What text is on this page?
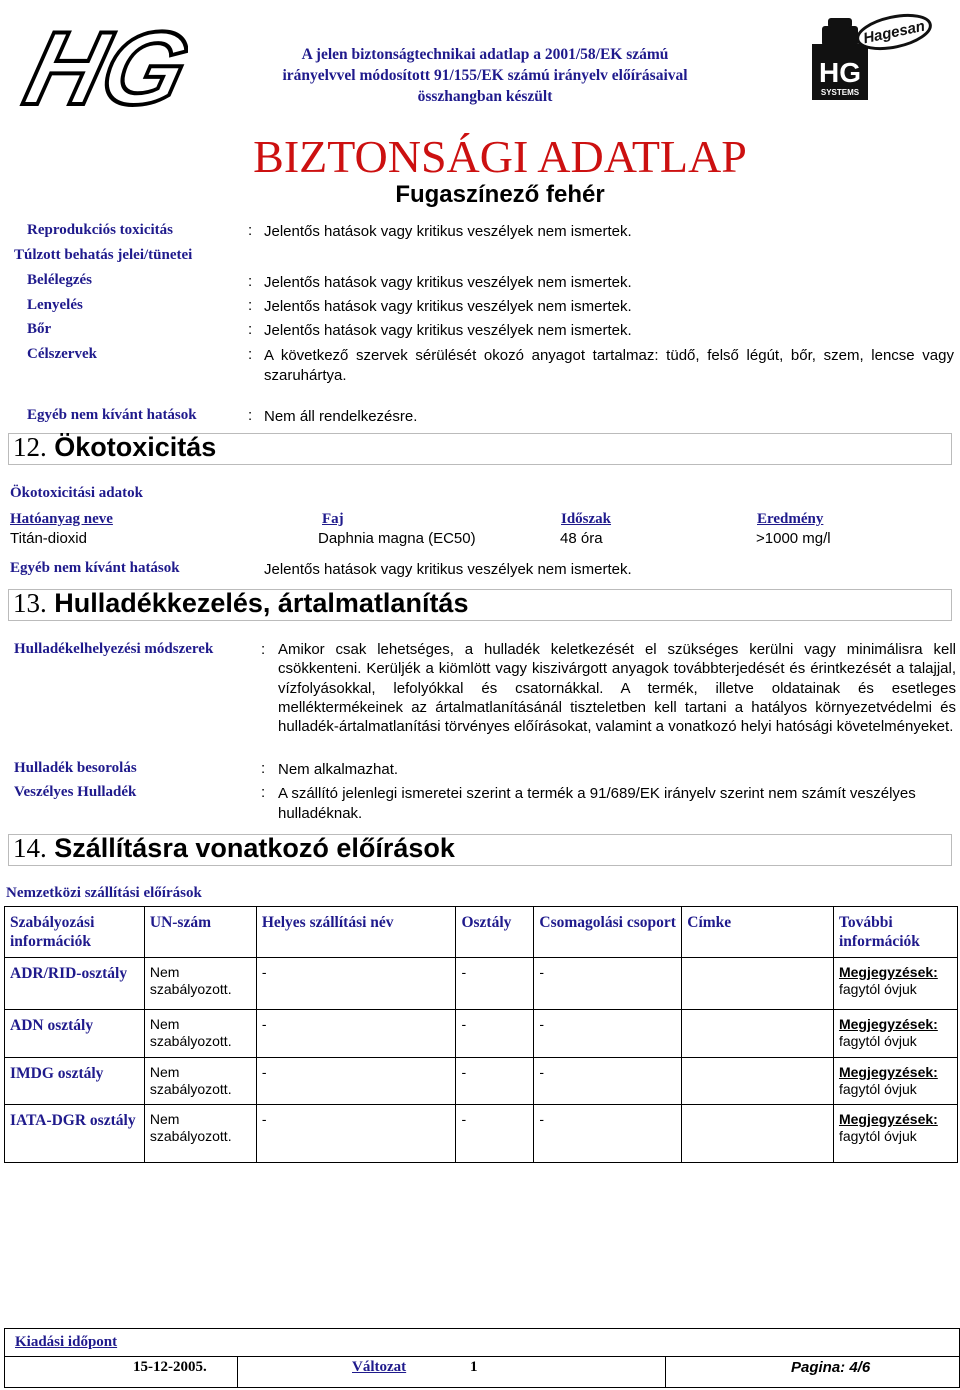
HG	A jelen biztonságtechnikai adatlap a 2001/58/EK számú
irányelvvel módosított 91/155/EK számú irányelv előírásaival
összhangban készült
HG
SYSTEMS
Hagesan
BIZTONSÁGI ADATLAP
Fugaszínező fehér
Reprodukciós toxicitás	: Jelentős hatások vagy kritikus veszélyek nem ismertek.
Túlzott behatás jelei/tünetei
Belélegzés	: Jelentős hatások vagy kritikus veszélyek nem ismertek.
Lenyelés	: Jelentős hatások vagy kritikus veszélyek nem ismertek.
Bőr	: Jelentős hatások vagy kritikus veszélyek nem ismertek.
Célszervek	: A következő szervek sérülését okozó anyagot tartalmaz: tüdő, felső légút, bőr, szem, lencse vagy szaruhártya.
Egyéb nem kívánt hatások	: Nem áll rendelkezésre.
12. Ökotoxicitás
Ökotoxicitási adatok
Hatóanyag neve	Faj	Időszak	Eredmény
Titán-dioxid	Daphnia magna (EC50)	48 óra	>1000 mg/l
Egyéb nem kívánt hatások	Jelentős hatások vagy kritikus veszélyek nem ismertek.
13. Hulladékkezelés, ártalmatlanítás
Hulladékelhelyezési módszerek	: Amikor csak lehetséges, a hulladék keletkezését el szükséges kerülni vagy minimálisra kell csökkenteni. Kerüljék a kiömlött vagy kiszivárgott anyagok továbbterjedését és érintkezését a talajjal, vízfolyásokkal, lefolyókkal és csatornákkal. A termék, illetve oldatainak és esetleges melléktermékeinek az ártalmatlanításánál tiszteletben kell tartani a hatályos környezetvédelmi és hulladék-ártalmatlanítási törvényes előírásokat, valamint a vonatkozó helyi hatósági követelményeket.
Hulladék besorolás	: Nem alkalmazhat.
Veszélyes Hulladék	: A szállító jelenlegi ismeretei szerint a termék a 91/689/EK irányelv szerint nem számít veszélyes hulladéknak.
14. Szállításra vonatkozó előírások
Nemzetközi szállítási előírások
Szabályozási információk	UN-szám	Helyes szállítási név	Osztály	Csomagolási csoport	Címke	További információk
ADR/RID-osztály	Nem szabályozott.	-	-	-		Megjegyzések:
fagytól óvjuk

ADN osztály	Nem szabályozott.	-	-	-		Megjegyzések:
fagytól óvjuk

IMDG osztály	Nem szabályozott.	-	-	-		Megjegyzések:
fagytól óvjuk

IATA-DGR osztály	Nem szabályozott.	-	-	-		Megjegyzések:
fagytól óvjuk
Kiadási időpont
15-12-2005.	Változat	1	Pagina: 4/6
